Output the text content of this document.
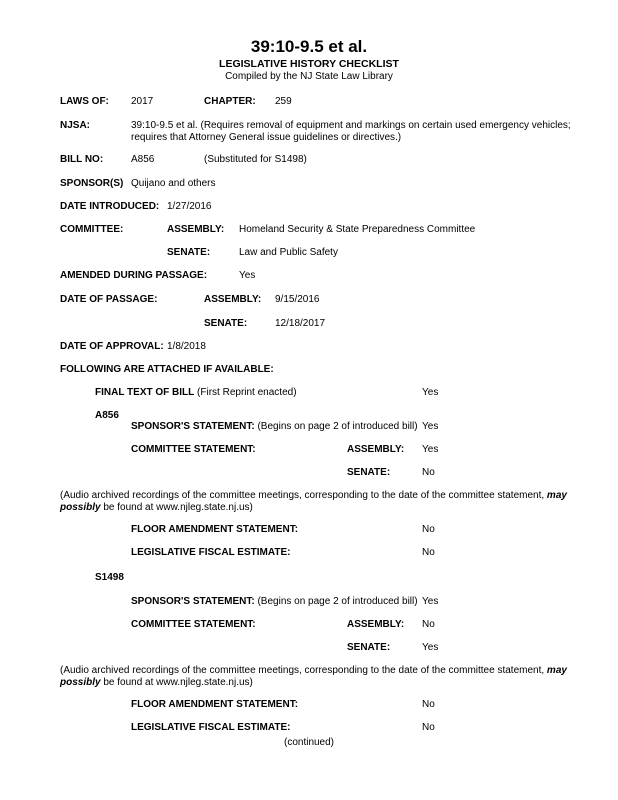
39:10-9.5 et al.
LEGISLATIVE HISTORY CHECKLIST
Compiled by the NJ State Law Library
LAWS OF: 2017	CHAPTER: 259
NJSA:	39:10-9.5 et al. (Requires removal of equipment and markings on certain used emergency vehicles; requires that Attorney General issue guidelines or directives.)
BILL NO:	A856	(Substituted for S1498)
SPONSOR(S) Quijano and others
DATE INTRODUCED: 1/27/2016
COMMITTEE:	ASSEMBLY: Homeland Security & State Preparedness Committee
SENATE:	Law and Public Safety
AMENDED DURING PASSAGE:	Yes
DATE OF PASSAGE:	ASSEMBLY: 9/15/2016
SENATE:	12/18/2017
DATE OF APPROVAL: 1/8/2018
FOLLOWING ARE ATTACHED IF AVAILABLE:
FINAL TEXT OF BILL (First Reprint enacted)	Yes
A856
SPONSOR'S STATEMENT: (Begins on page 2 of introduced bill) Yes
COMMITTEE STATEMENT:	ASSEMBLY: Yes
SENATE:	No
(Audio archived recordings of the committee meetings, corresponding to the date of the committee statement, may possibly be found at www.njleg.state.nj.us)
FLOOR AMENDMENT STATEMENT:	No
LEGISLATIVE FISCAL ESTIMATE:	No
S1498
SPONSOR'S STATEMENT: (Begins on page 2 of introduced bill) Yes
COMMITTEE STATEMENT:	ASSEMBLY: No
SENATE:	Yes
(Audio archived recordings of the committee meetings, corresponding to the date of the committee statement, may possibly be found at www.njleg.state.nj.us)
FLOOR AMENDMENT STATEMENT:	No
LEGISLATIVE FISCAL ESTIMATE:	No
(continued)
